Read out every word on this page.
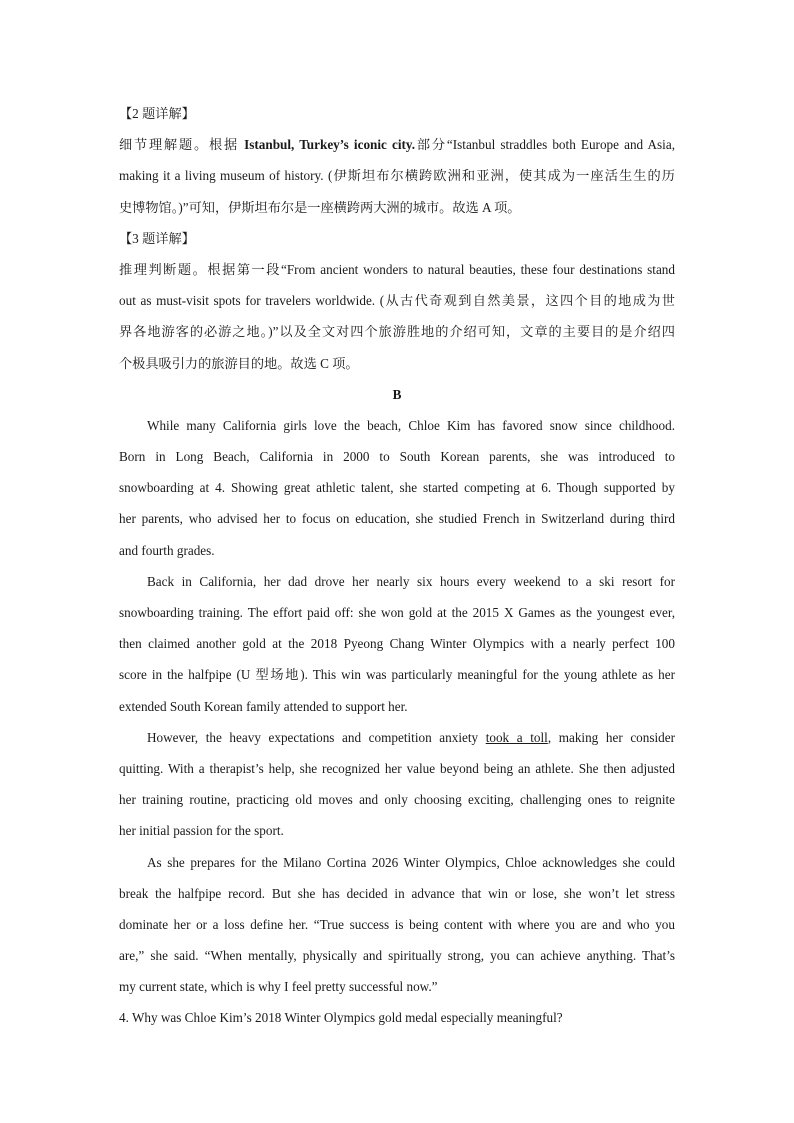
【2 题详解】
细节理解题。根据 Istanbul, Turkey’s iconic city.部分“Istanbul straddles both Europe and Asia,
making it a living museum of history. (伊斯坦布尔横跨欧洲和亚洲，使其成为一座活生生的历
史博物馆。)”可知，伊斯坦布尔是一座横跨两大洲的城市。故选 A 项。
【3 题详解】
推理判断题。根据第一段“From ancient wonders to natural beauties, these four destinations stand
out as must-visit spots for travelers worldwide. (从古代奇观到自然美景，这四个目的地成为世
界各地游客的必游之地。)”以及全文对四个旅游胜地的介绍可知，文章的主要目的是介绍四
个极具吸引力的旅游目的地。故选 C 项。
B
While many California girls love the beach, Chloe Kim has favored snow since childhood.
Born in Long Beach, California in 2000 to South Korean parents, she was introduced to
snowboarding at 4. Showing great athletic talent, she started competing at 6. Though supported by
her parents, who advised her to focus on education, she studied French in Switzerland during third
and fourth grades.
Back in California, her dad drove her nearly six hours every weekend to a ski resort for
snowboarding training. The effort paid off: she won gold at the 2015 X Games as the youngest ever,
then claimed another gold at the 2018 Pyeong Chang Winter Olympics with a nearly perfect 100
score in the halfpipe (U 型场地). This win was particularly meaningful for the young athlete as her
extended South Korean family attended to support her.
However, the heavy expectations and competition anxiety took a toll, making her consider
quitting. With a therapist’s help, she recognized her value beyond being an athlete. She then adjusted
her training routine, practicing old moves and only choosing exciting, challenging ones to reignite
her initial passion for the sport.
As she prepares for the Milano Cortina 2026 Winter Olympics, Chloe acknowledges she could
break the halfpipe record. But she has decided in advance that win or lose, she won’t let stress
dominate her or a loss define her. “True success is being content with where you are and who you
are,” she said. “When mentally, physically and spiritually strong, you can achieve anything. That’s
my current state, which is why I feel pretty successful now.”
4. Why was Chloe Kim’s 2018 Winter Olympics gold medal especially meaningful?
